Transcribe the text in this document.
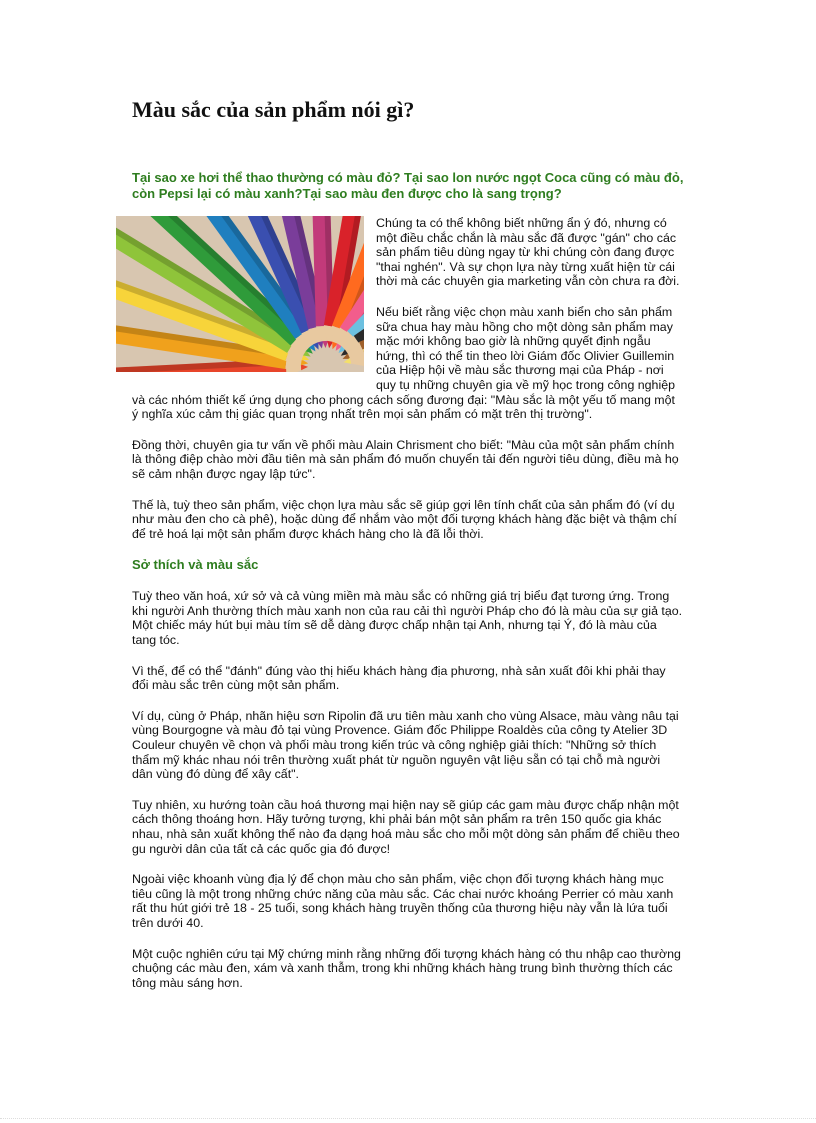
Màu sắc của sản phẩm nói gì?
Tại sao xe hơi thể thao thường có màu đỏ? Tại sao lon nước ngọt Coca cũng có màu đỏ, còn Pepsi lại có màu xanh?Tại sao màu đen được cho là sang trọng?

Chúng ta có thể không biết những ẩn ý đó, nhưng có một điều chắc chắn là màu sắc đã được "gán" cho các sản phẩm tiêu dùng ngay từ khi chúng còn đang được "thai nghén". Và sự chọn lựa này từng xuất hiện từ cái thời mà các chuyên gia marketing vẫn còn chưa ra đời.

Nếu biết rằng việc chọn màu xanh biển cho sản phẩm sữa chua hay màu hồng cho một dòng sản phẩm may mặc mới không bao giờ là những quyết định ngẫu hứng, thì có thể tin theo lời Giám đốc Olivier Guillemin của Hiệp hội về màu sắc thương mại của Pháp - nơi quy tụ những chuyên gia về mỹ học trong công nghiệp và các nhóm thiết kế ứng dụng cho phong cách sống đương đại: "Màu sắc là một yếu tố mang một ý nghĩa xúc cảm thị giác quan trọng nhất trên mọi sản phẩm có mặt trên thị trường".

Đồng thời, chuyên gia tư vấn về phối màu Alain Chrisment cho biết: "Màu của một sản phẩm chính là thông điệp chào mời đầu tiên mà sản phẩm đó muốn chuyển tải đến người tiêu dùng, điều mà họ sẽ cảm nhận được ngay lập tức".

Thế là, tuỳ theo sản phẩm, việc chọn lựa màu sắc sẽ giúp gợi lên tính chất của sản phẩm đó (ví dụ như màu đen cho cà phê), hoặc dùng để nhắm vào một đối tượng khách hàng đặc biệt và thậm chí để trẻ hoá lại một sản phẩm được khách hàng cho là đã lỗi thời.

Sở thích và màu sắc

Tuỳ theo văn hoá, xứ sở và cả vùng miền mà màu sắc có những giá trị biểu đạt tương ứng. Trong khi người Anh thường thích màu xanh non của rau cải thì người Pháp cho đó là màu của sự giả tạo. Một chiếc máy hút bụi màu tím sẽ dễ dàng được chấp nhận tại Anh, nhưng tại Ý, đó là màu của tang tóc.

Vì thế, để có thể "đánh" đúng vào thị hiếu khách hàng địa phương, nhà sản xuất đôi khi phải thay đổi màu sắc trên cùng một sản phẩm.

Ví dụ, cùng ở Pháp, nhãn hiệu sơn Ripolin đã ưu tiên màu xanh cho vùng Alsace, màu vàng nâu tại vùng Bourgogne và màu đỏ tại vùng Provence. Giám đốc Philippe Roaldès của công ty Atelier 3D Couleur chuyên về chọn và phối màu trong kiến trúc và công nghiệp giải thích: "Những sở thích thẩm mỹ khác nhau nói trên thường xuất phát từ nguồn nguyên vật liệu sẵn có tại chỗ mà người dân vùng đó dùng để xây cất".

Tuy nhiên, xu hướng toàn cầu hoá thương mại hiện nay sẽ giúp các gam màu được chấp nhận một cách thông thoáng hơn. Hãy tưởng tượng, khi phải bán một sản phẩm ra trên 150 quốc gia khác nhau, nhà sản xuất không thể nào đa dạng hoá màu sắc cho mỗi một dòng sản phẩm để chiều theo gu người dân của tất cả các quốc gia đó được!

Ngoài việc khoanh vùng địa lý để chọn màu cho sản phẩm, việc chọn đối tượng khách hàng mục tiêu cũng là một trong những chức năng của màu sắc. Các chai nước khoáng Perrier có màu xanh rất thu hút giới trẻ 18 - 25 tuổi, song khách hàng truyền thống của thương hiệu này vẫn là lứa tuổi trên dưới 40.

Một cuộc nghiên cứu tại Mỹ chứng minh rằng những đối tượng khách hàng có thu nhập cao thường chuộng các màu đen, xám và xanh thẫm, trong khi những khách hàng trung bình thường thích các tông màu sáng hơn.
